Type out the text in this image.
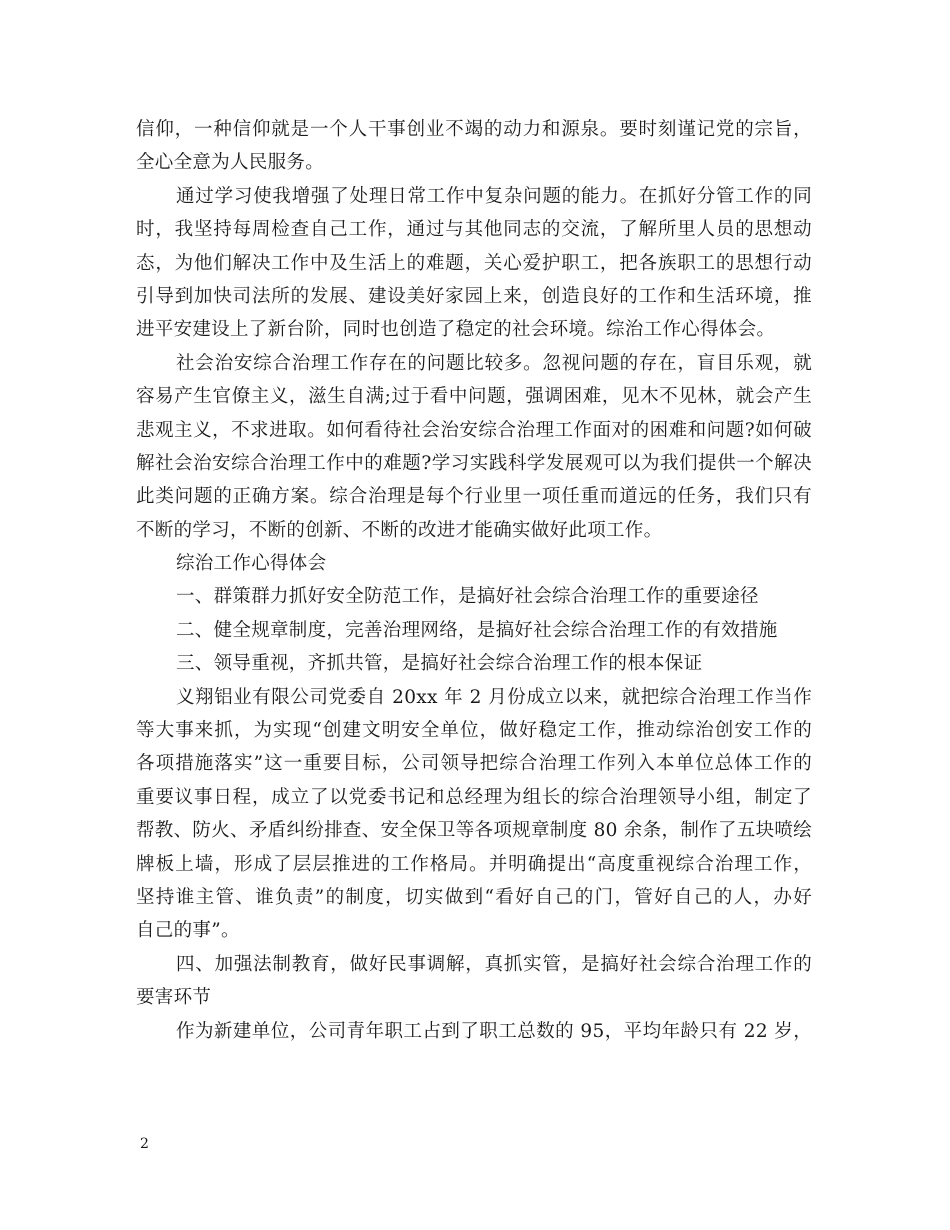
信仰，一种信仰就是一个人干事创业不竭的动力和源泉。要时刻谨记党的宗旨，
全心全意为人民服务。
通过学习使我增强了处理日常工作中复杂问题的能力。在抓好分管工作的同
时，我坚持每周检查自己工作，通过与其他同志的交流，了解所里人员的思想动
态，为他们解决工作中及生活上的难题，关心爱护职工，把各族职工的思想行动
引导到加快司法所的发展、建设美好家园上来，创造良好的工作和生活环境，推
进平安建设上了新台阶，同时也创造了稳定的社会环境。综治工作心得体会。
社会治安综合治理工作存在的问题比较多。忽视问题的存在，盲目乐观，就
容易产生官僚主义，滋生自满;过于看中问题，强调困难，见木不见林，就会产生
悲观主义，不求进取。如何看待社会治安综合治理工作面对的困难和问题?如何破
解社会治安综合治理工作中的难题?学习实践科学发展观可以为我们提供一个解决
此类问题的正确方案。综合治理是每个行业里一项任重而道远的任务，我们只有
不断的学习，不断的创新、不断的改进才能确实做好此项工作。
综治工作心得体会
一、群策群力抓好安全防范工作，是搞好社会综合治理工作的重要途径
二、健全规章制度，完善治理网络，是搞好社会综合治理工作的有效措施
三、领导重视，齐抓共管，是搞好社会综合治理工作的根本保证
义翔铝业有限公司党委自 20xx 年 2 月份成立以来，就把综合治理工作当作
等大事来抓，为实现“创建文明安全单位，做好稳定工作，推动综治创安工作的
各项措施落实”这一重要目标，公司领导把综合治理工作列入本单位总体工作的
重要议事日程，成立了以党委书记和总经理为组长的综合治理领导小组，制定了
帮教、防火、矛盾纠纷排查、安全保卫等各项规章制度 80 余条，制作了五块喷绘
牌板上墙，形成了层层推进的工作格局。并明确提出“高度重视综合治理工作，
坚持谁主管、谁负责”的制度，切实做到“看好自己的门，管好自己的人，办好
自己的事”。
四、加强法制教育，做好民事调解，真抓实管，是搞好社会综合治理工作的
要害环节
作为新建单位，公司青年职工占到了职工总数的 95，平均年龄只有 22 岁，
2
